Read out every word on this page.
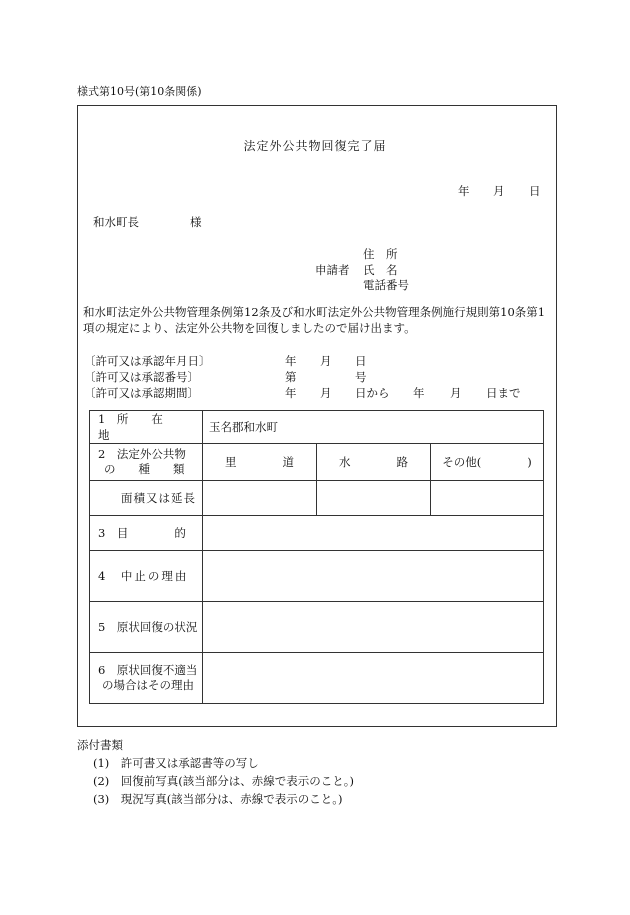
様式第10号(第10条関係)
法定外公共物回復完了届
年 月 日
和水町長	様
申請者
住　所
氏　名
電話番号
和水町法定外公共物管理条例第12条及び和水町法定外公共物管理条例施行規則第10条第1項の規定により、法定外公共物を回復しましたので届け出ます。
〔許可又は承認年月日〕	年 月 日
〔許可又は承認番号〕	第	号
〔許可又は承認期間〕	年 月 日から 年 月 日まで
1　所　　在　　地	玉名郡和水町		

2　法定外公共物
の　　種　　類	里　　　　道	水　　　　路	その他(　　　　)

面積又は延長			

3　目　　　　的			

4　中止の理由			

5　原状回復の状況			

6　原状回復不適当
の場合はその理由			

添付書類
(1)　許可書又は承認書等の写し
(2)　回復前写真(該当部分は、赤線で表示のこと。)
(3)　現況写真(該当部分は、赤線で表示のこと。)
